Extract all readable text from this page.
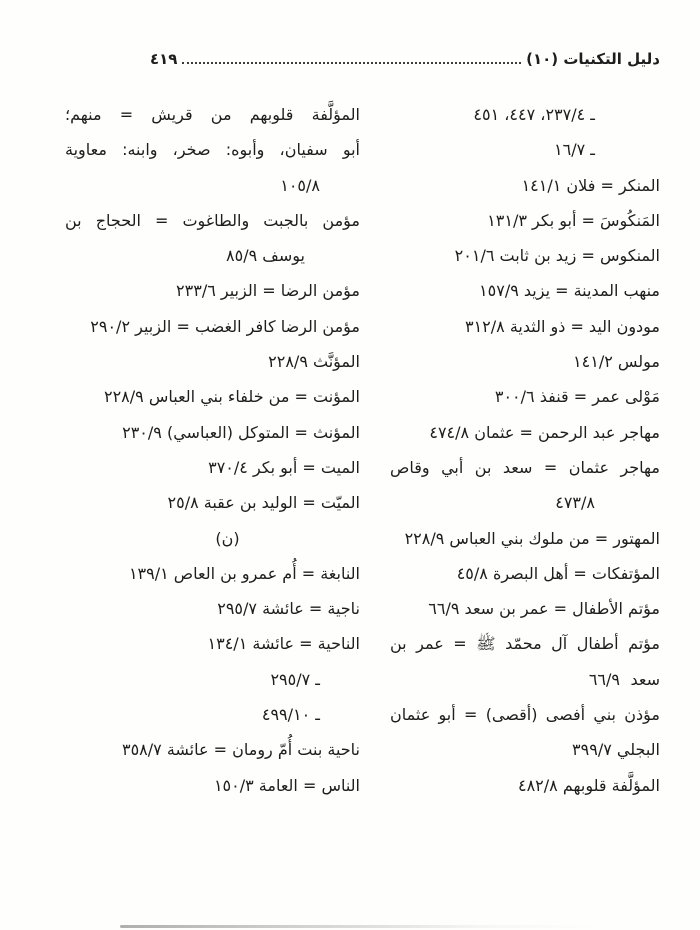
دليل التكنيات (١٠)
٤١٩
ـ ٢٣٧/٤، ٤٤٧، ٤٥١
ـ ١٦/٧
المنكر = فلان ١٤١/١
المَنكُوسَ = أبو بكر ١٣١/٣
المنكوس = زيد بن ثابت ٢٠١/٦
منهب المدينة = يزيد ١٥٧/٩
مودون اليد = ذو الثدية ٣١٢/٨
مولس ١٤١/٢
مَوْلى عمر = قنفذ ٣٠٠/٦
مهاجر عبد الرحمن = عثمان ٤٧٤/٨
مهاجر عثمان = سعد بن أبي وقاص
٤٧٣/٨
المهتور = من ملوك بني العباس ٢٢٨/٩
المؤتفكات = أهل البصرة ٤٥/٨
مؤتم الأطفال = عمر بن سعد ٦٦/٩
مؤتم أطفال آل محمّد ﷺ = عمر بن سعد
٦٦/٩
مؤذن بني أفصى (أقصى) = أبو عثمان
البجلي ٣٩٩/٧
المؤلَّفة قلوبهم ٤٨٢/٨
المؤلَّفة قلوبهم من قريش = منهم؛
أبو سفيان، وأبوه: صخر، وابنه: معاوية
١٠٥/٨
مؤمن بالجبت والطاغوت = الحجاج بن
يوسف ٨٥/٩
مؤمن الرضا = الزبير ٢٣٣/٦
مؤمن الرضا كافر الغضب = الزبير ٢٩٠/٢
المؤنَّث ٢٢٨/٩
المؤنت = من خلفاء بني العباس ٢٢٨/٩
المؤنث = المتوكل (العباسي) ٢٣٠/٩
الميت = أبو بكر ٣٧٠/٤
الميّت = الوليد بن عقبة ٢٥/٨
(ن)
النابغة = أُم عمرو بن العاص ١٣٩/١
ناجية = عائشة ٢٩٥/٧
الناحية = عائشة ١٣٤/١
ـ ٢٩٥/٧
ـ ٤٩٩/١٠
ناحية بنت أُمّ رومان = عائشة ٣٥٨/٧
الناس = العامة ١٥٠/٣
